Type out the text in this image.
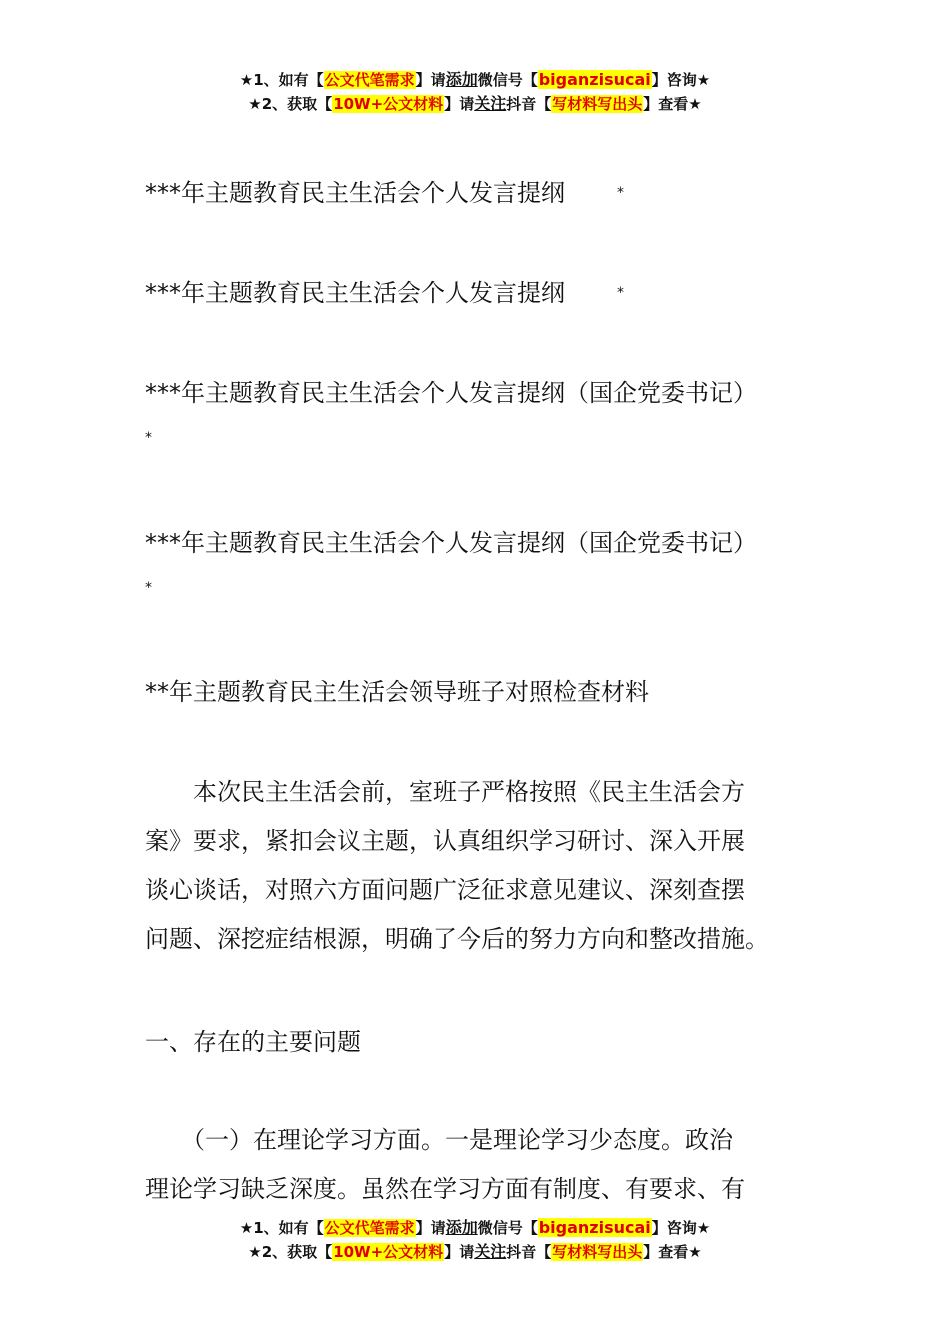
★1、如有【公文代笔需求】请添加微信号【biganzisucai】咨询★
★2、获取【10W+公文材料】请关注抖音【写材料写出头】查看★
***年主题教育民主生活会个人发言提纲	*
***年主题教育民主生活会个人发言提纲	*
***年主题教育民主生活会个人发言提纲（国企党委书记）
*
***年主题教育民主生活会个人发言提纲（国企党委书记）
*
**年主题教育民主生活会领导班子对照检查材料
　　本次民主生活会前，室班子严格按照《民主生活会方
案》要求，紧扣会议主题，认真组织学习研讨、深入开展
谈心谈话，对照六方面问题广泛征求意见建议、深刻查摆
问题、深挖症结根源，明确了今后的努力方向和整改措施。
一、存在的主要问题
　　（一）在理论学习方面。一是理论学习少态度。政治
理论学习缺乏深度。虽然在学习方面有制度、有要求、有
★1、如有【公文代笔需求】请添加微信号【biganzisucai】咨询★
★2、获取【10W+公文材料】请关注抖音【写材料写出头】查看★
